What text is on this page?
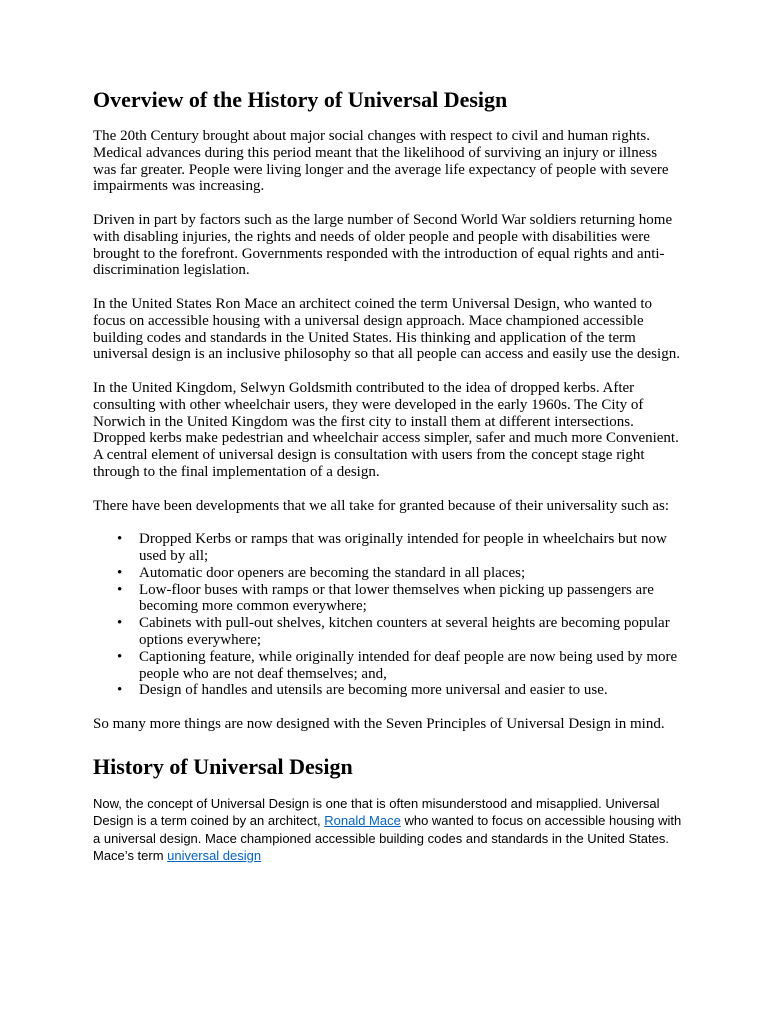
Overview of the History of Universal Design

The 20th Century brought about major social changes with respect to civil and human rights. Medical advances during this period meant that the likelihood of surviving an injury or illness was far greater. People were living longer and the average life expectancy of people with severe impairments was increasing.

Driven in part by factors such as the large number of Second World War soldiers returning home with disabling injuries, the rights and needs of older people and people with disabilities were brought to the forefront. Governments responded with the introduction of equal rights and anti-discrimination legislation.

In the United States Ron Mace an architect coined the term Universal Design, who wanted to focus on accessible housing with a universal design approach. Mace championed accessible building codes and standards in the United States. His thinking and application of the term universal design is an inclusive philosophy so that all people can access and easily use the design.

In the United Kingdom, Selwyn Goldsmith contributed to the idea of dropped kerbs. After consulting with other wheelchair users, they were developed in the early 1960s. The City of Norwich in the United Kingdom was the first city to install them at different intersections. Dropped kerbs make pedestrian and wheelchair access simpler, safer and much more Convenient. A central element of universal design is consultation with users from the concept stage right through to the final implementation of a design.

There have been developments that we all take for granted because of their universality such as:

• Dropped Kerbs or ramps that was originally intended for people in wheelchairs but now used by all;
• Automatic door openers are becoming the standard in all places;
• Low-floor buses with ramps or that lower themselves when picking up passengers are becoming more common everywhere;
• Cabinets with pull-out shelves, kitchen counters at several heights are becoming popular options everywhere;
• Captioning feature, while originally intended for deaf people are now being used by more people who are not deaf themselves; and,
• Design of handles and utensils are becoming more universal and easier to use.

So many more things are now designed with the Seven Principles of Universal Design in mind.

History of Universal Design

Now, the concept of Universal Design is one that is often misunderstood and misapplied. Universal Design is a term coined by an architect, Ronald Mace who wanted to focus on accessible housing with a universal design. Mace championed accessible building codes and standards in the United States. Mace’s term universal design
